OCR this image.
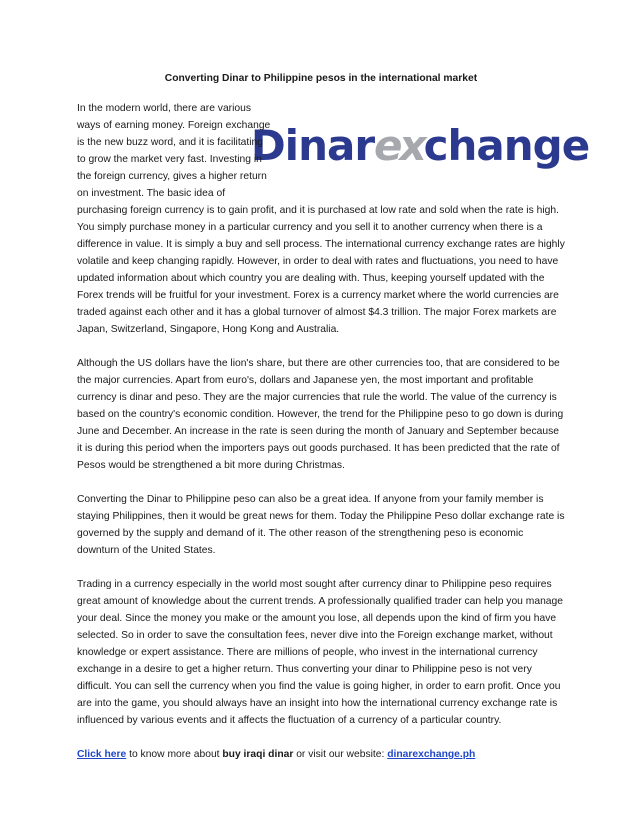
Converting Dinar to Philippine pesos in the international market
Dinar ex change

In the modern world, there are various ways of earning money. Foreign exchange is the new buzz word, and it is facilitating to grow the market very fast. Investing in the foreign currency, gives a higher return on investment. The basic idea of purchasing foreign currency is to gain profit, and it is purchased at low rate and sold when the rate is high. You simply purchase money in a particular currency and you sell it to another currency when there is a difference in value. It is simply a buy and sell process. The international currency exchange rates are highly volatile and keep changing rapidly. However, in order to deal with rates and fluctuations, you need to have updated information about which country you are dealing with. Thus, keeping yourself updated with the Forex trends will be fruitful for your investment. Forex is a currency market where the world currencies are traded against each other and it has a global turnover of almost $4.3 trillion. The major Forex markets are Japan, Switzerland, Singapore, Hong Kong and Australia.

Although the US dollars have the lion's share, but there are other currencies too, that are considered to be the major currencies. Apart from euro's, dollars and Japanese yen, the most important and profitable currency is dinar and peso. They are the major currencies that rule the world. The value of the currency is based on the country's economic condition. However, the trend for the Philippine peso to go down is during June and December. An increase in the rate is seen during the month of January and September because it is during this period when the importers pays out goods purchased. It has been predicted that the rate of Pesos would be strengthened a bit more during Christmas.

Converting the Dinar to Philippine peso can also be a great idea. If anyone from your family member is staying Philippines, then it would be great news for them. Today the Philippine Peso dollar exchange rate is governed by the supply and demand of it. The other reason of the strengthening peso is economic downturn of the United States.

Trading in a currency especially in the world most sought after currency dinar to Philippine peso requires great amount of knowledge about the current trends. A professionally qualified trader can help you manage your deal. Since the money you make or the amount you lose, all depends upon the kind of firm you have selected. So in order to save the consultation fees, never dive into the Foreign exchange market, without knowledge or expert assistance. There are millions of people, who invest in the international currency exchange in a desire to get a higher return. Thus converting your dinar to Philippine peso is not very difficult. You can sell the currency when you find the value is going higher, in order to earn profit. Once you are into the game, you should always have an insight into how the international currency exchange rate is influenced by various events and it affects the fluctuation of a currency of a particular country.

Click here to know more about buy iraqi dinar or visit our website: dinarexchange.ph
